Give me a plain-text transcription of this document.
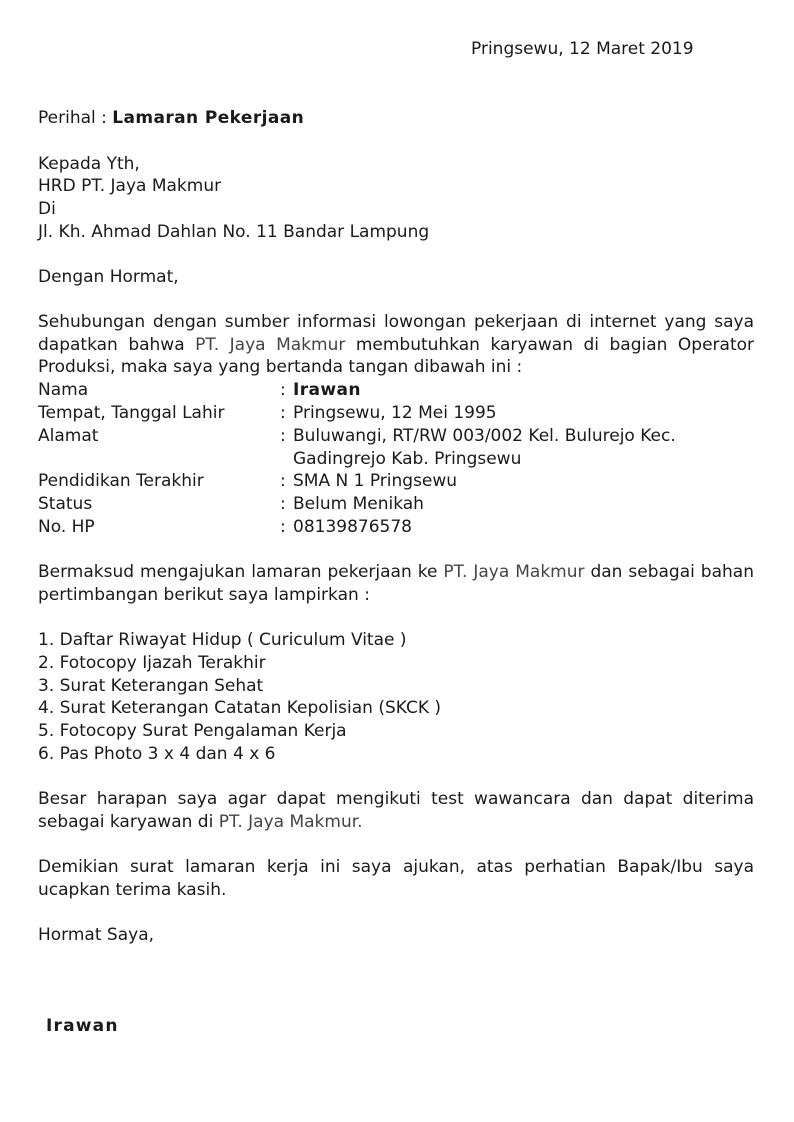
Pringsewu, 12 Maret 2019
Perihal : Lamaran Pekerjaan
Kepada Yth,
HRD PT. Jaya Makmur
Di
Jl. Kh. Ahmad Dahlan No. 11 Bandar Lampung
Dengan Hormat,
Sehubungan dengan sumber informasi lowongan pekerjaan di internet yang saya dapatkan bahwa PT. Jaya Makmur membutuhkan karyawan di bagian Operator Produksi, maka saya yang bertanda tangan dibawah ini :
Nama	: Irawan
Tempat, Tanggal Lahir	: Pringsewu, 12 Mei 1995
Alamat	: Buluwangi, RT/RW 003/002 Kel. Bulurejo Kec. Gadingrejo Kab. Pringsewu
Pendidikan Terakhir	: SMA N 1 Pringsewu
Status	: Belum Menikah
No. HP	: 08139876578
Bermaksud mengajukan lamaran pekerjaan ke PT. Jaya Makmur dan sebagai bahan pertimbangan berikut saya lampirkan :
1. Daftar Riwayat Hidup ( Curiculum Vitae )
2. Fotocopy Ijazah Terakhir
3. Surat Keterangan Sehat
4. Surat Keterangan Catatan Kepolisian (SKCK )
5. Fotocopy Surat Pengalaman Kerja
6. Pas Photo 3 x 4 dan 4 x 6
Besar harapan saya agar dapat mengikuti test wawancara dan dapat diterima sebagai karyawan di PT. Jaya Makmur.
Demikian surat lamaran kerja ini saya ajukan, atas perhatian Bapak/Ibu saya ucapkan terima kasih.
Hormat Saya,
Irawan
